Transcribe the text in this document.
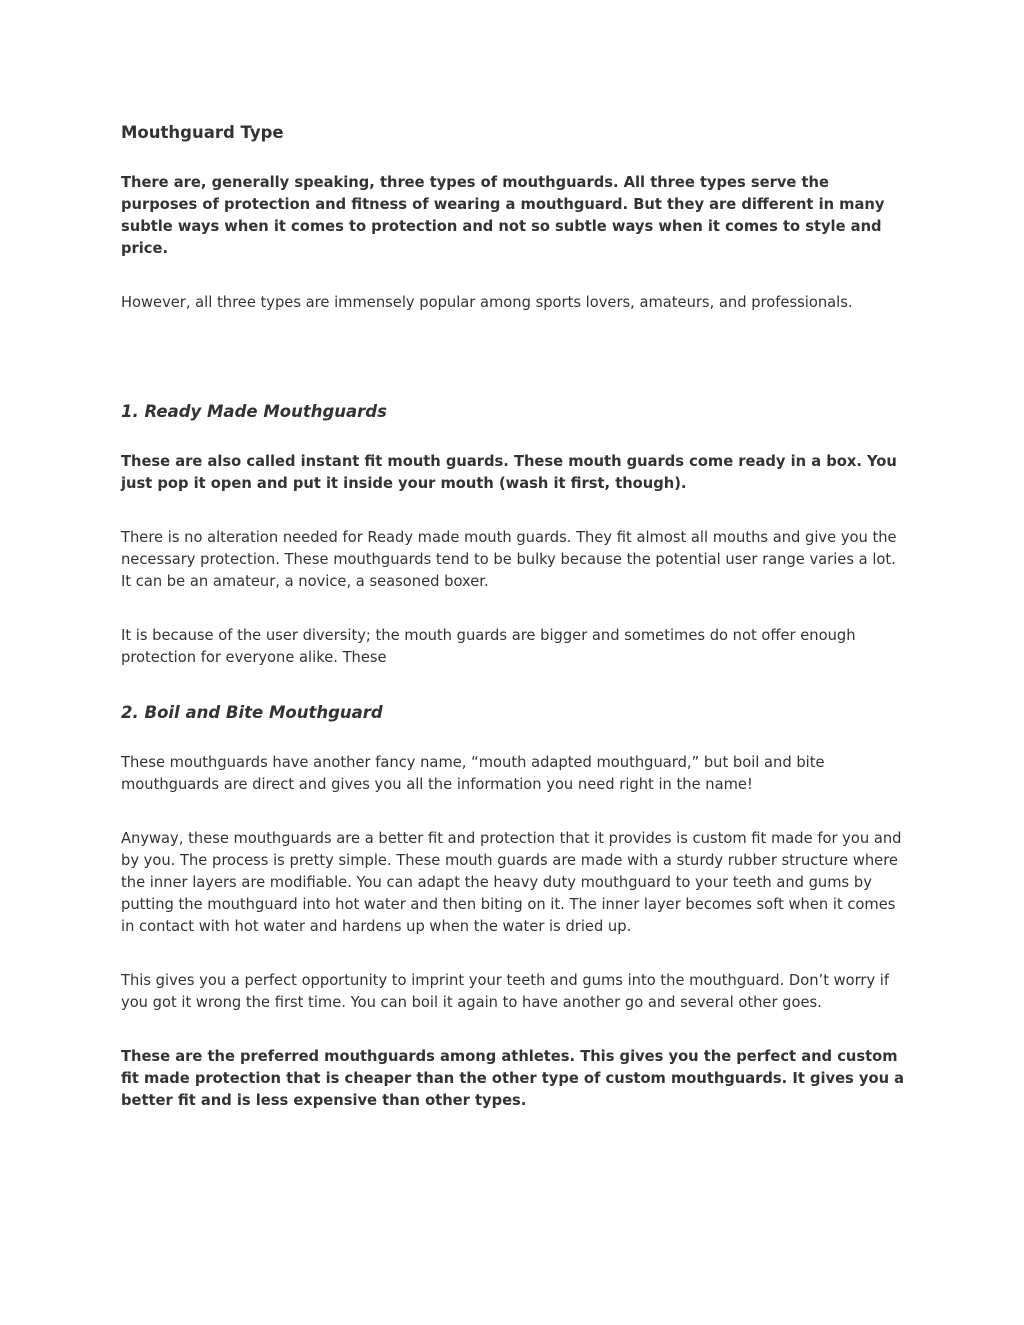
Mouthguard Type

There are, generally speaking, three types of mouthguards. All three types serve the purposes of protection and fitness of wearing a mouthguard. But they are different in many subtle ways when it comes to protection and not so subtle ways when it comes to style and price.

However, all three types are immensely popular among sports lovers, amateurs, and professionals.

1. Ready Made Mouthguards

These are also called instant fit mouth guards. These mouth guards come ready in a box. You just pop it open and put it inside your mouth (wash it first, though).

There is no alteration needed for Ready made mouth guards. They fit almost all mouths and give you the necessary protection. These mouthguards tend to be bulky because the potential user range varies a lot. It can be an amateur, a novice, a seasoned boxer.

It is because of the user diversity; the mouth guards are bigger and sometimes do not offer enough protection for everyone alike. These

2. Boil and Bite Mouthguard

These mouthguards have another fancy name, “mouth adapted mouthguard,” but boil and bite mouthguards are direct and gives you all the information you need right in the name!

Anyway, these mouthguards are a better fit and protection that it provides is custom fit made for you and by you. The process is pretty simple. These mouth guards are made with a sturdy rubber structure where the inner layers are modifiable. You can adapt the heavy duty mouthguard to your teeth and gums by putting the mouthguard into hot water and then biting on it. The inner layer becomes soft when it comes in contact with hot water and hardens up when the water is dried up.

This gives you a perfect opportunity to imprint your teeth and gums into the mouthguard. Don’t worry if you got it wrong the first time. You can boil it again to have another go and several other goes.

These are the preferred mouthguards among athletes. This gives you the perfect and custom fit made protection that is cheaper than the other type of custom mouthguards. It gives you a better fit and is less expensive than other types.
